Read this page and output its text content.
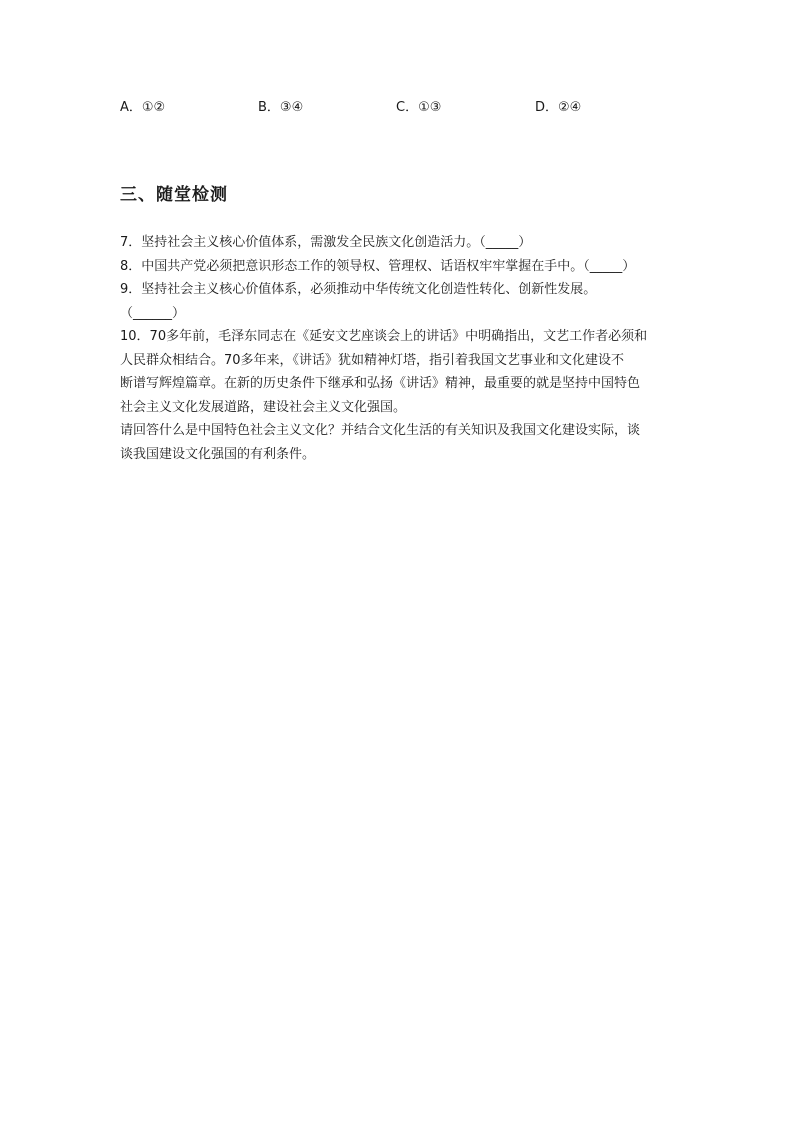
A．①②	B．③④	C．①③	D．②④
三、随堂检测
7．坚持社会主义核心价值体系，需激发全民族文化创造活力。（_____）
8．中国共产党必须把意识形态工作的领导权、管理权、话语权牢牢掌握在手中。（_____）
9．坚持社会主义核心价值体系，必须推动中华传统文化创造性转化、创新性发展。
（______）
10．70多年前，毛泽东同志在《延安文艺座谈会上的讲话》中明确指出，文艺工作者必须和
人民群众相结合。70多年来，《讲话》犹如精神灯塔，指引着我国文艺事业和文化建设不
断谱写辉煌篇章。在新的历史条件下继承和弘扬《讲话》精神，最重要的就是坚持中国特色
社会主义文化发展道路，建设社会主义文化强国。
请回答什么是中国特色社会主义文化？并结合文化生活的有关知识及我国文化建设实际，谈
谈我国建设文化强国的有利条件。
